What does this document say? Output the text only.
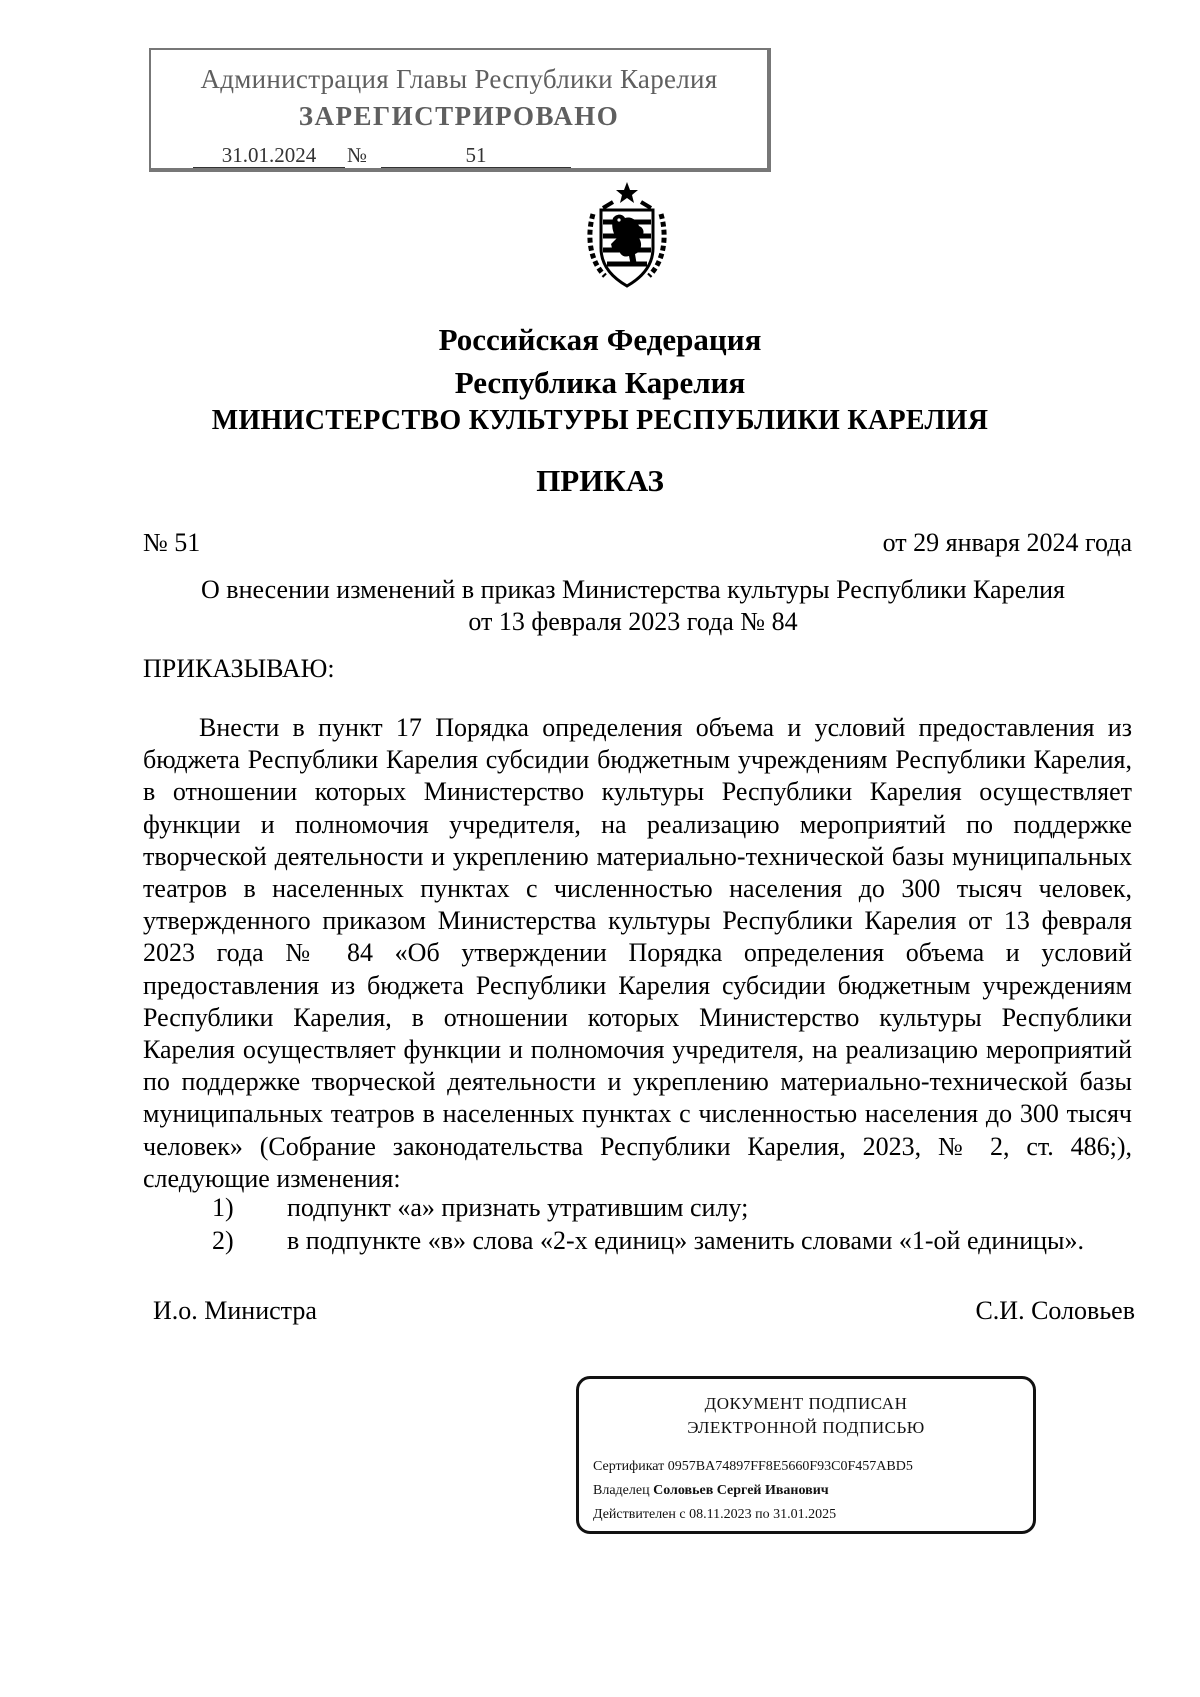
Администрация Главы Республики Карелия
ЗАРЕГИСТРИРОВАНО
31.01.2024	№	51
Российская Федерация
Республика Карелия
МИНИСТЕРСТВО КУЛЬТУРЫ РЕСПУБЛИКИ КАРЕЛИЯ
ПРИКАЗ
№ 51	от 29 января 2024 года
О внесении изменений в приказ Министерства культуры Республики Карелия
от 13 февраля 2023 года № 84
ПРИКАЗЫВАЮ:

Внести в пункт 17 Порядка определения объема и условий предоставления из бюджета Республики Карелия субсидии бюджетным учреждениям Республики Карелия, в отношении которых Министерство культуры Республики Карелия осуществляет функции и полномочия учредителя, на реализацию мероприятий по поддержке творческой деятельности и укреплению материально-технической базы муниципальных театров в населенных пунктах с численностью населения до 300 тысяч человек, утвержденного приказом Министерства культуры Республики Карелия от 13 февраля 2023 года № 84 «Об утверждении Порядка определения объема и условий предоставления из бюджета Республики Карелия субсидии бюджетным учреждениям Республики Карелия, в отношении которых Министерство культуры Республики Карелия осуществляет функции и полномочия учредителя, на реализацию мероприятий по поддержке творческой деятельности и укреплению материально-технической базы муниципальных театров в населенных пунктах с численностью населения до 300 тысяч человек» (Собрание законодательства Республики Карелия, 2023, № 2, ст. 486;), следующие изменения:

1) подпункт «а» признать утратившим силу;
2) в подпункте «в» слова «2-х единиц» заменить словами «1-ой единицы».
И.о. Министра	С.И. Соловьев
ДОКУМЕНТ ПОДПИСАН
ЭЛЕКТРОННОЙ ПОДПИСЬЮ
Сертификат 0957BA74897FF8E5660F93C0F457ABD5
Владелец Соловьев Сергей Иванович
Действителен с 08.11.2023 по 31.01.2025
